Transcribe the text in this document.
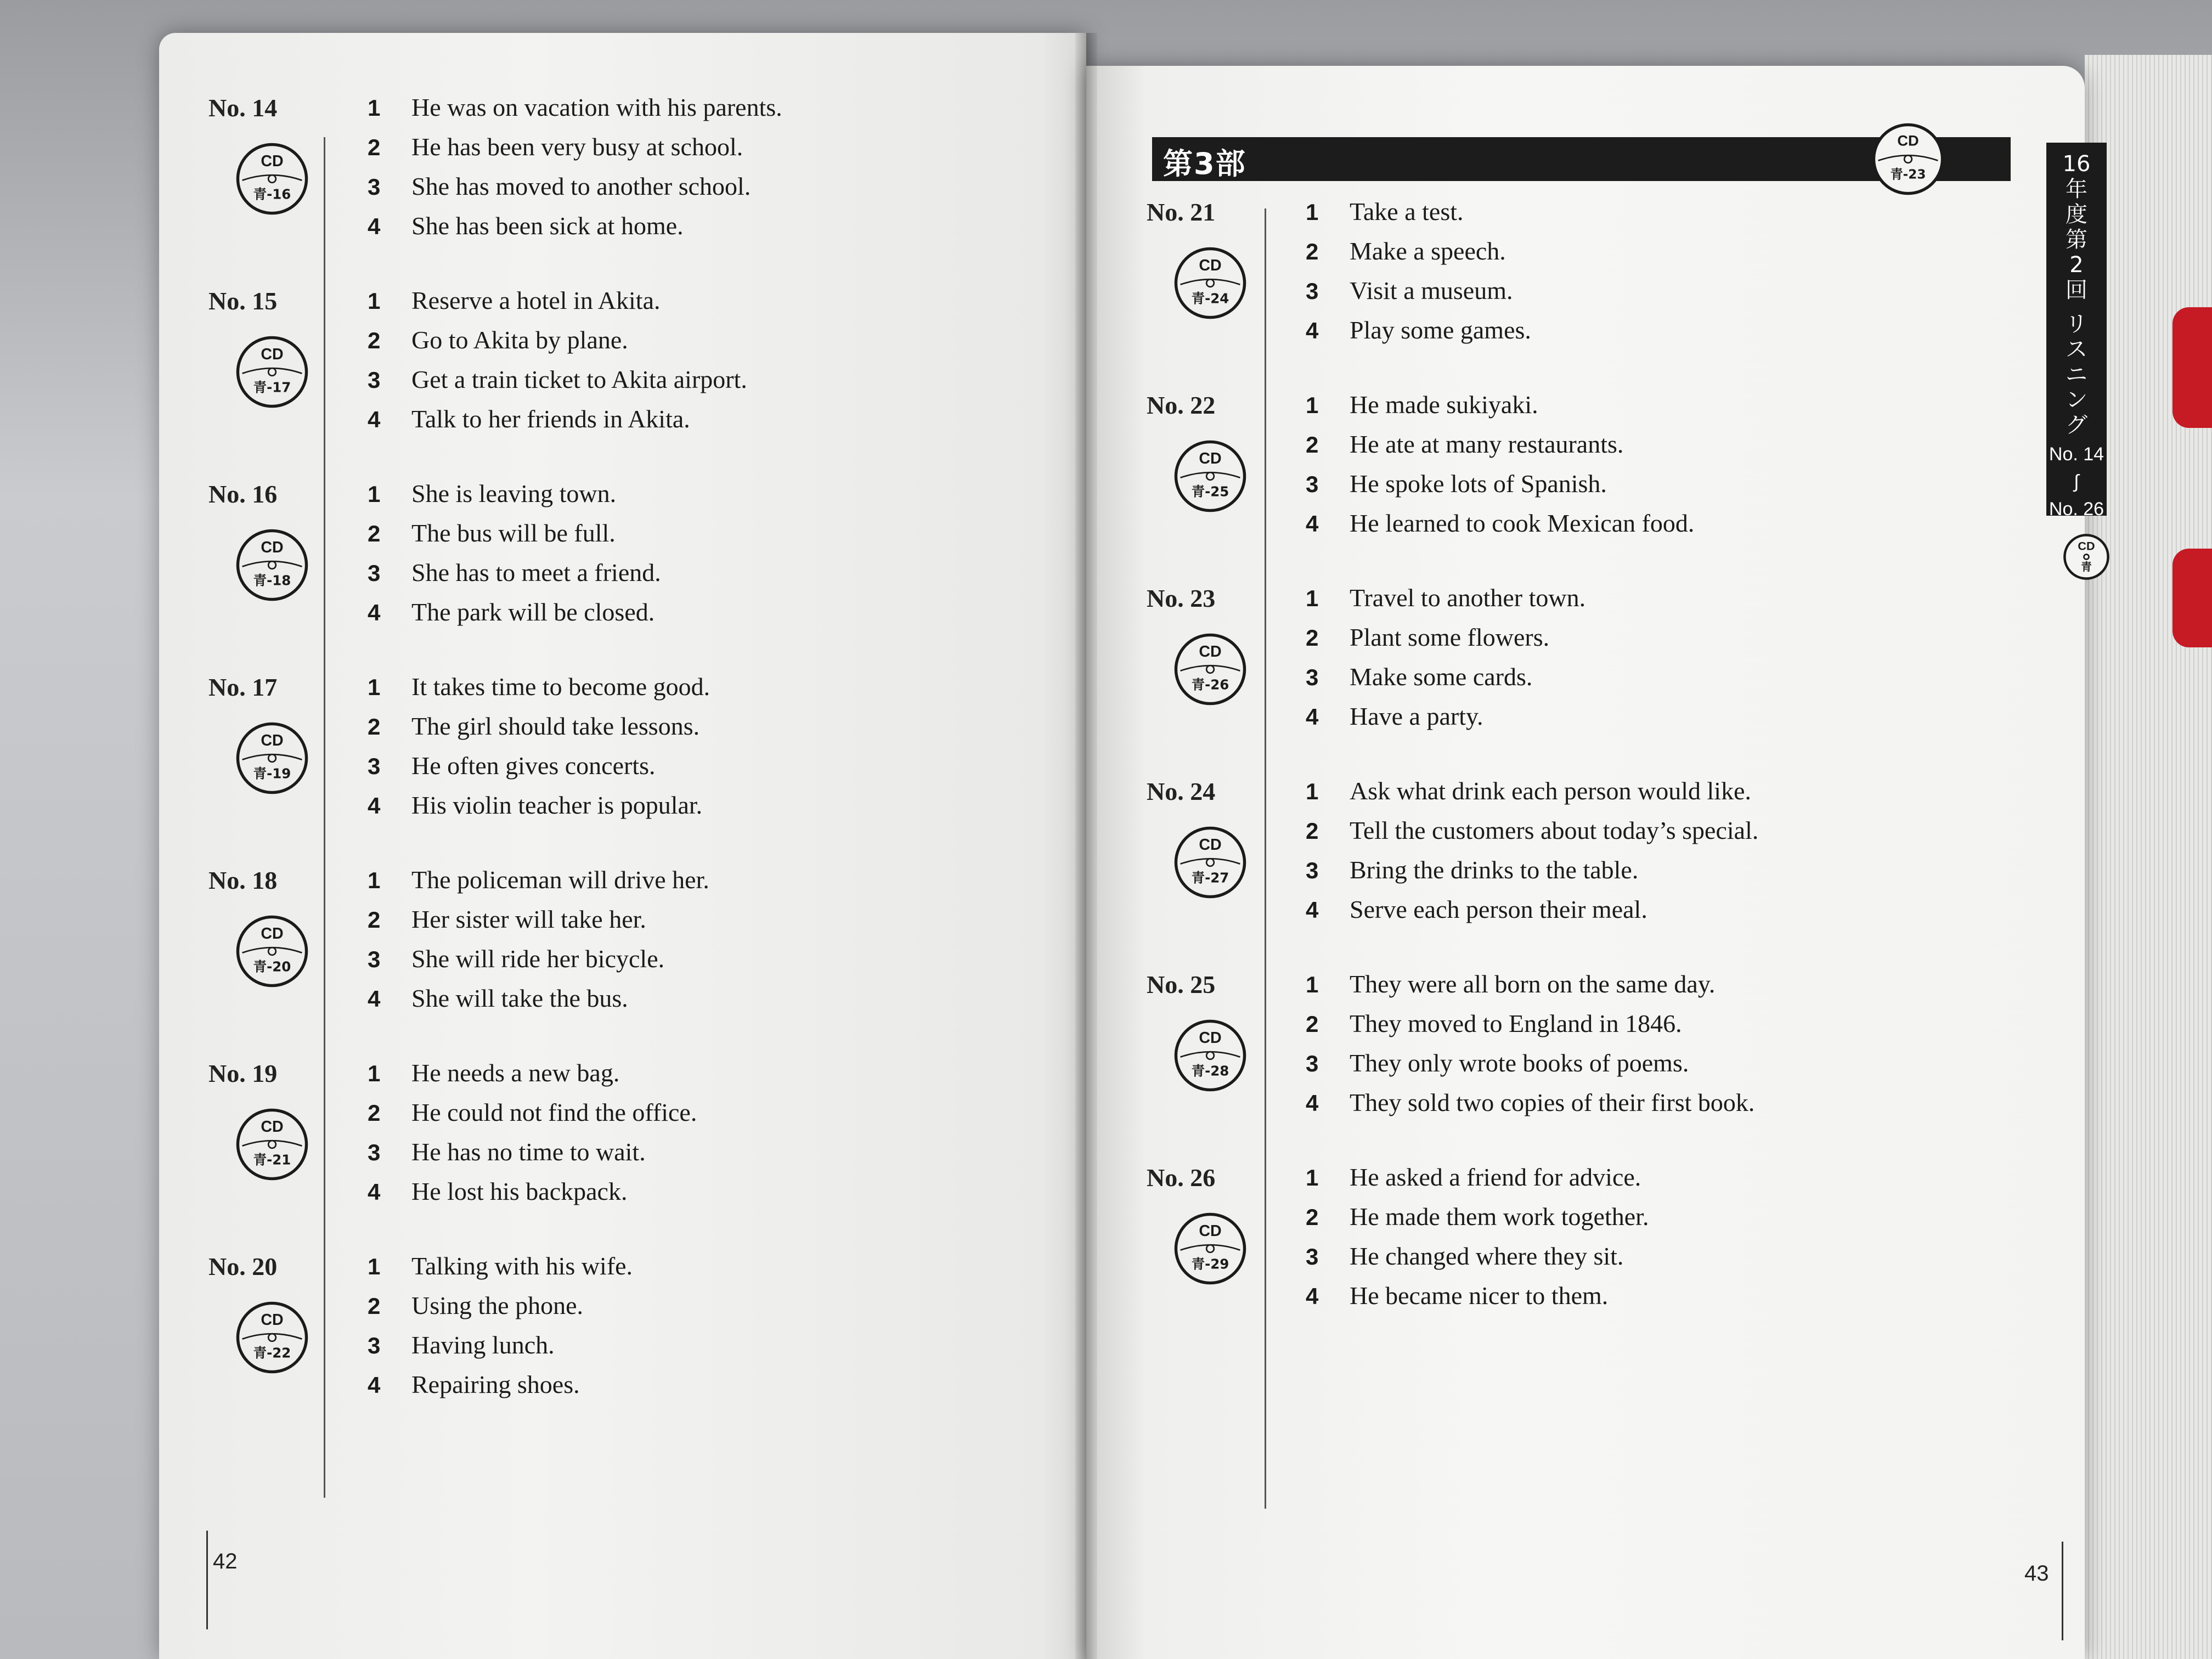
No. 14
CD
青-16
1 He was on vacation with his parents.
2 He has been very busy at school.
3 She has moved to another school.
4 She has been sick at home.
No. 15
CD
青-17
1 Reserve a hotel in Akita.
2 Go to Akita by plane.
3 Get a train ticket to Akita airport.
4 Talk to her friends in Akita.
No. 16
CD
青-18
1 She is leaving town.
2 The bus will be full.
3 She has to meet a friend.
4 The park will be closed.
No. 17
CD
青-19
1 It takes time to become good.
2 The girl should take lessons.
3 He often gives concerts.
4 His violin teacher is popular.
No. 18
CD
青-20
1 The policeman will drive her.
2 Her sister will take her.
3 She will ride her bicycle.
4 She will take the bus.
No. 19
CD
青-21
1 He needs a new bag.
2 He could not find the office.
3 He has no time to wait.
4 He lost his backpack.
No. 20
CD
青-22
1 Talking with his wife.
2 Using the phone.
3 Having lunch.
4 Repairing shoes.
第3部
CD
青-23	16年度第2回
リスニング
No. 14
∫
No. 26
CD
青
No. 21
CD
青-24
1 Take a test.
2 Make a speech.
3 Visit a museum.
4 Play some games.
No. 22
CD
青-25
1 He made sukiyaki.
2 He ate at many restaurants.
3 He spoke lots of Spanish.
4 He learned to cook Mexican food.
No. 23
CD
青-26
1 Travel to another town.
2 Plant some flowers.
3 Make some cards.
4 Have a party.
No. 24
CD
青-27
1 Ask what drink each person would like.
2 Tell the customers about today’s special.
3 Bring the drinks to the table.
4 Serve each person their meal.
No. 25
CD
青-28
1 They were all born on the same day.
2 They moved to England in 1846.
3 They only wrote books of poems.
4 They sold two copies of their first book.
No. 26
CD
青-29
1 He asked a friend for advice.
2 He made them work together.
3 He changed where they sit.
4 He became nicer to them.
42	43
